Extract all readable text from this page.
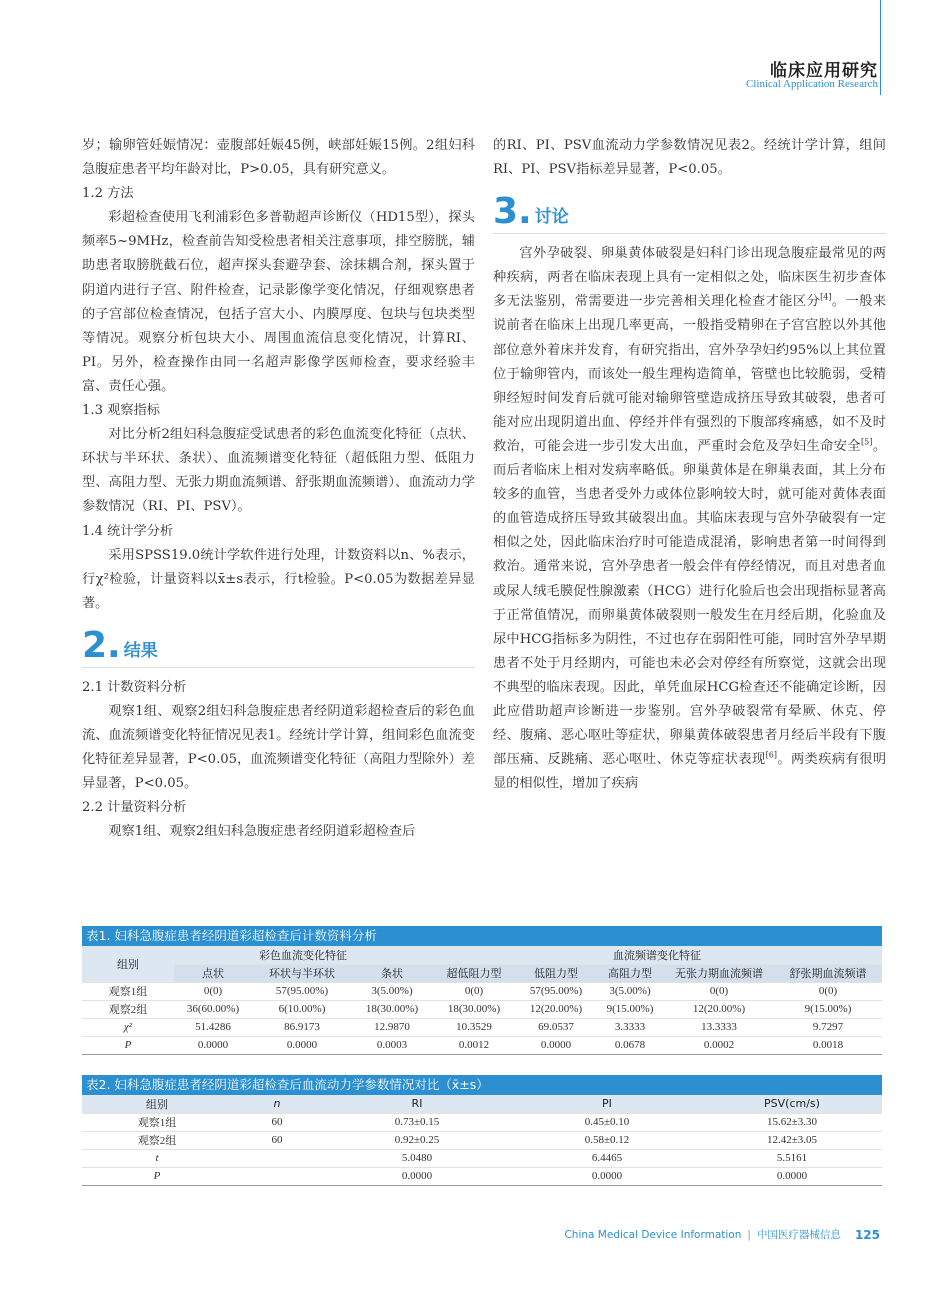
临床应用研究
Clinical Application Research

岁；输卵管妊娠情况：壶腹部妊娠45例，峡部妊娠15例。2组妇科急腹症患者平均年龄对比，P>0.05，具有研究意义。

1.2 方法

彩超检查使用飞利浦彩色多普勒超声诊断仪（HD15型），探头频率5~9MHz，检查前告知受检患者相关注意事项，排空膀胱，辅助患者取膀胱截石位，超声探头套避孕套、涂抹耦合剂，探头置于阴道内进行子宫、附件检查，记录影像学变化情况，仔细观察患者的子宫部位检查情况，包括子宫大小、内膜厚度、包块与包块类型等情况。观察分析包块大小、周围血流信息变化情况，计算RI、PI。另外，检查操作由同一名超声影像学医师检查，要求经验丰富、责任心强。

1.3 观察指标

对比分析2组妇科急腹症受试患者的彩色血流变化特征（点状、环状与半环状、条状）、血流频谱变化特征（超低阻力型、低阻力型、高阻力型、无张力期血流频谱、舒张期血流频谱）、血流动力学参数情况（RI、PI、PSV）。

1.4 统计学分析

采用SPSS19.0统计学软件进行处理，计数资料以n、%表示，行χ²检验，计量资料以x̄±s表示，行t检验。P<0.05为数据差异显著。

2. 结果

2.1 计数资料分析

观察1组、观察2组妇科急腹症患者经阴道彩超检查后的彩色血流、血流频谱变化特征情况见表1。经统计学计算，组间彩色血流变化特征差异显著，P<0.05，血流频谱变化特征（高阻力型除外）差异显著，P<0.05。

2.2 计量资料分析

观察1组、观察2组妇科急腹症患者经阴道彩超检查后

的RI、PI、PSV血流动力学参数情况见表2。经统计学计算，组间RI、PI、PSV指标差异显著，P<0.05。

3. 讨论

宫外孕破裂、卵巢黄体破裂是妇科门诊出现急腹症最常见的两种疾病，两者在临床表现上具有一定相似之处，临床医生初步查体多无法鉴别，常需要进一步完善相关理化检查才能区分[4]。一般来说前者在临床上出现几率更高，一般指受精卵在子宫宫腔以外其他部位意外着床并发育，有研究指出，宫外孕孕妇约95%以上其位置位于输卵管内，而该处一般生理构造简单，管壁也比较脆弱，受精卵经短时间发育后就可能对输卵管壁造成挤压导致其破裂，患者可能对应出现阴道出血、停经并伴有强烈的下腹部疼痛感，如不及时救治，可能会进一步引发大出血，严重时会危及孕妇生命安全[5]。而后者临床上相对发病率略低。卵巢黄体是在卵巢表面，其上分布较多的血管，当患者受外力或体位影响较大时，就可能对黄体表面的血管造成挤压导致其破裂出血。其临床表现与宫外孕破裂有一定相似之处，因此临床治疗时可能造成混淆，影响患者第一时间得到救治。通常来说，宫外孕患者一般会伴有停经情况，而且对患者血或尿人绒毛膜促性腺激素（HCG）进行化验后也会出现指标显著高于正常值情况，而卵巢黄体破裂则一般发生在月经后期，化验血及尿中HCG指标多为阴性，不过也存在弱阳性可能，同时宫外孕早期患者不处于月经期内，可能也未必会对停经有所察觉，这就会出现不典型的临床表现。因此，单凭血尿HCG检查还不能确定诊断，因此应借助超声诊断进一步鉴别。宫外孕破裂常有晕厥、休克、停经、腹痛、恶心呕吐等症状，卵巢黄体破裂患者月经后半段有下腹部压痛、反跳痛、恶心呕吐、休克等症状表现[6]。两类疾病有很明显的相似性，增加了疾病

表1. 妇科急腹症患者经阴道彩超检查后计数资料分析
组别	彩色血流变化特征			血流频谱变化特征				
	点状	环状与半环状	条状	超低阻力型	低阻力型	高阻力型	无张力期血流频谱	舒张期血流频谱
观察1组	0(0)	57(95.00%)	3(5.00%)	0(0)	57(95.00%)	3(5.00%)	0(0)	0(0)
观察2组	36(60.00%)	6(10.00%)	18(30.00%)	18(30.00%)	12(20.00%)	9(15.00%)	12(20.00%)	9(15.00%)
χ²	51.4286	86.9173	12.9870	10.3529	69.0537	3.3333	13.3333	9.7297
P	0.0000	0.0000	0.0003	0.0012	0.0000	0.0678	0.0002	0.0018
表2. 妇科急腹症患者经阴道彩超检查后血流动力学参数情况对比（x̄±s）
组别	n	RI	PI	PSV(cm/s)
观察1组	60	0.73±0.15	0.45±0.10	15.62±3.30
观察2组	60	0.92±0.25	0.58±0.12	12.42±3.05
t		5.0480	6.4465	5.5161
P		0.0000	0.0000	0.0000
China Medical Device Information | 中国医疗器械信息 125
